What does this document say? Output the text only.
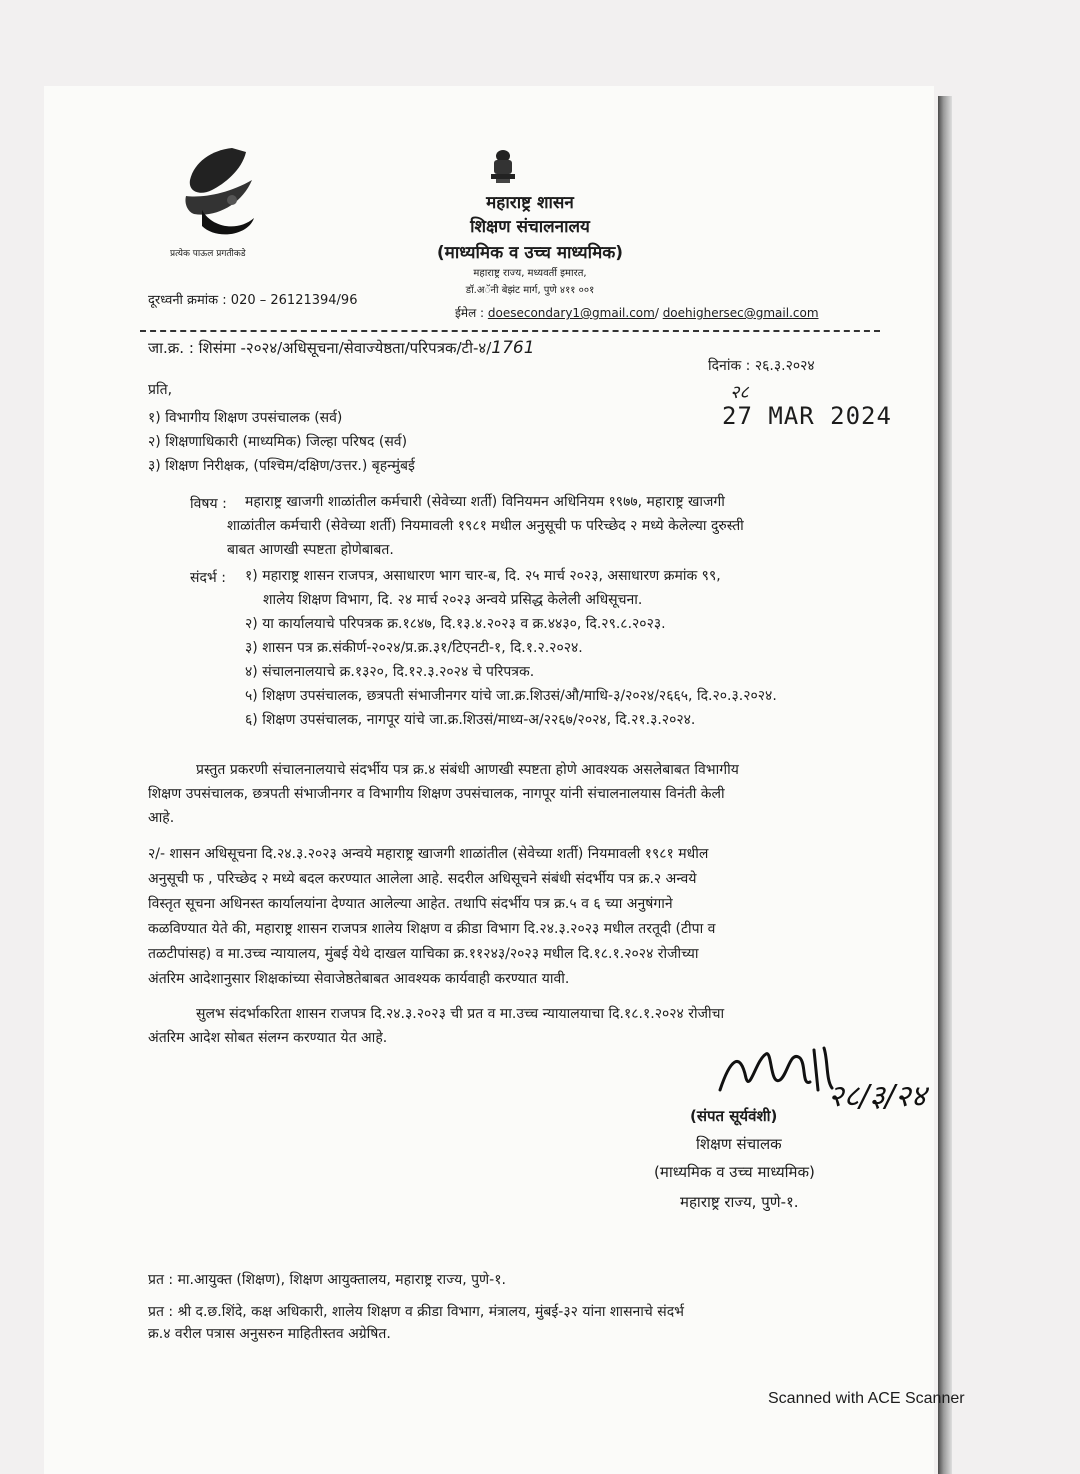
प्रत्येक पाऊल प्रगतीकडे
महाराष्ट्र शासन
शिक्षण संचालनालय
(माध्यमिक व उच्च माध्यमिक)
महाराष्ट्र राज्य, मध्यवर्ती इमारत,
डॉ.अॅनी बेझंट मार्ग, पुणे ४११ ००१
ईमेल : doesecondary1@gmail.com/ doehighersec@gmail.com
दूरध्वनी क्रमांक : 020 – 26121394/96
जा.क्र. : शिसंमा -२०२४/अधिसूचना/सेवाज्येष्ठता/परिपत्रक/टी-४/1761
दिनांक : २६.३.२०२४
२८
27 MAR 2024
प्रति,
१) विभागीय शिक्षण उपसंचालक (सर्व)
२) शिक्षणाधिकारी (माध्यमिक) जिल्हा परिषद (सर्व)
३) शिक्षण निरीक्षक, (पश्चिम/दक्षिण/उत्तर.) बृहन्मुंबई
विषय : महाराष्ट्र खाजगी शाळांतील कर्मचारी (सेवेच्या शर्ती) विनियमन अधिनियम १९७७, महाराष्ट्र खाजगी
शाळांतील कर्मचारी (सेवेच्या शर्ती) नियमावली १९८१ मधील अनुसूची फ परिच्छेद २ मध्ये केलेल्या दुरुस्ती
बाबत आणखी स्पष्टता होणेबाबत.
संदर्भ : १) महाराष्ट्र शासन राजपत्र, असाधारण भाग चार-ब, दि. २५ मार्च २०२३, असाधारण क्रमांक ९९,
शालेय शिक्षण विभाग, दि. २४ मार्च २०२३ अन्वये प्रसिद्ध केलेली अधिसूचना.
२) या कार्यालयाचे परिपत्रक क्र.१८४७, दि.१३.४.२०२३ व क्र.४४३०, दि.२९.८.२०२३.
३) शासन पत्र क्र.संकीर्ण-२०२४/प्र.क्र.३१/टिएनटी-१, दि.१.२.२०२४.
४) संचालनालयाचे क्र.१३२०, दि.१२.३.२०२४ चे परिपत्रक.
५) शिक्षण उपसंचालक, छत्रपती संभाजीनगर यांचे जा.क्र.शिउसं/औ/माधि-३/२०२४/२६६५, दि.२०.३.२०२४.
६) शिक्षण उपसंचालक, नागपूर यांचे जा.क्र.शिउसं/माध्य-अ/२२६७/२०२४, दि.२१.३.२०२४.
प्रस्तुत प्रकरणी संचालनालयाचे संदर्भीय पत्र क्र.४ संबंधी आणखी स्पष्टता होणे आवश्यक असलेबाबत विभागीय
शिक्षण उपसंचालक, छत्रपती संभाजीनगर व विभागीय शिक्षण उपसंचालक, नागपूर यांनी संचालनालयास विनंती केली
आहे.
२/- शासन अधिसूचना दि.२४.३.२०२३ अन्वये महाराष्ट्र खाजगी शाळांतील (सेवेच्या शर्ती) नियमावली १९८१ मधील
अनुसूची फ , परिच्छेद २ मध्ये बदल करण्यात आलेला आहे. सदरील अधिसूचने संबंधी संदर्भीय पत्र क्र.२ अन्वये
विस्तृत सूचना अधिनस्त कार्यालयांना देण्यात आलेल्या आहेत. तथापि संदर्भीय पत्र क्र.५ व ६ च्या अनुषंगाने
कळविण्यात येते की, महाराष्ट्र शासन राजपत्र शालेय शिक्षण व क्रीडा विभाग दि.२४.३.२०२३ मधील तरतूदी (टीपा व
तळटीपांसह) व मा.उच्च न्यायालय, मुंबई येथे दाखल याचिका क्र.११२४३/२०२३ मधील दि.१८.१.२०२४ रोजीच्या
अंतरिम आदेशानुसार शिक्षकांच्या सेवाजेष्ठतेबाबत आवश्यक कार्यवाही करण्यात यावी.
सुलभ संदर्भाकरिता शासन राजपत्र दि.२४.३.२०२३ ची प्रत व मा.उच्च न्यायालयाचा दि.१८.१.२०२४ रोजीचा
अंतरिम आदेश सोबत संलग्न करण्यात येत आहे.
२८/३/२४
(संपत सूर्यवंशी)
शिक्षण संचालक
(माध्यमिक व उच्च माध्यमिक)
महाराष्ट्र राज्य, पुणे-१.
प्रत : मा.आयुक्त (शिक्षण), शिक्षण आयुक्तालय, महाराष्ट्र राज्य, पुणे-१.
प्रत : श्री द.छ.शिंदे, कक्ष अधिकारी, शालेय शिक्षण व क्रीडा विभाग, मंत्रालय, मुंबई-३२ यांना शासनाचे संदर्भ
क्र.४ वरील पत्रास अनुसरुन माहितीस्तव अग्रेषित.
Scanned with ACE Scanner
